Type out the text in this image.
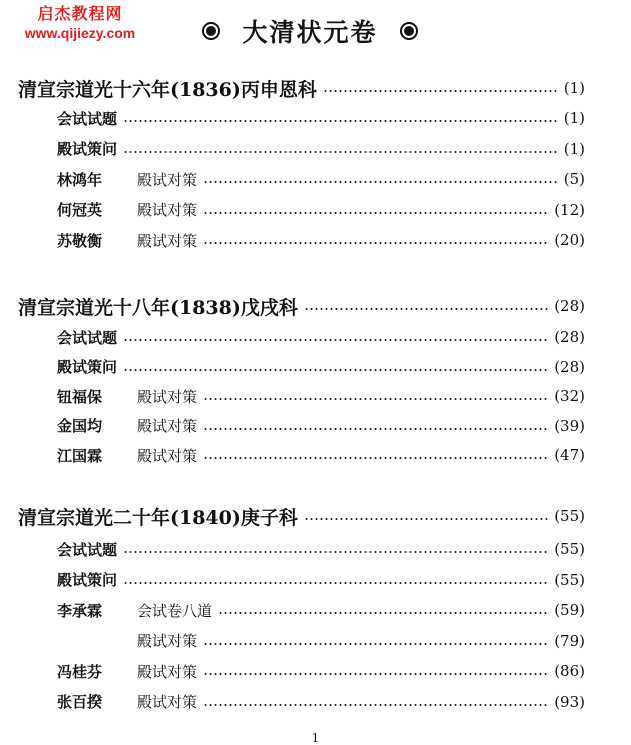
启杰教程网
www.qijiezy.com	大清状元卷
清宣宗道光十六年(1836)丙申恩科	(1)
会试试题	(1)
殿试策问	(1)
林鸿年	殿试对策	(5)
何冠英	殿试对策	(12)
苏敬衡	殿试对策	(20)
清宣宗道光十八年(1838)戊戌科	(28)
会试试题	(28)
殿试策问	(28)
钮福保	殿试对策	(32)
金国均	殿试对策	(39)
江国霖	殿试对策	(47)
清宣宗道光二十年(1840)庚子科	(55)
会试试题	(55)
殿试策问	(55)
李承霖	会试卷八道	(59)
殿试对策	(79)
冯桂芬	殿试对策	(86)
张百揆	殿试对策	(93)
1
